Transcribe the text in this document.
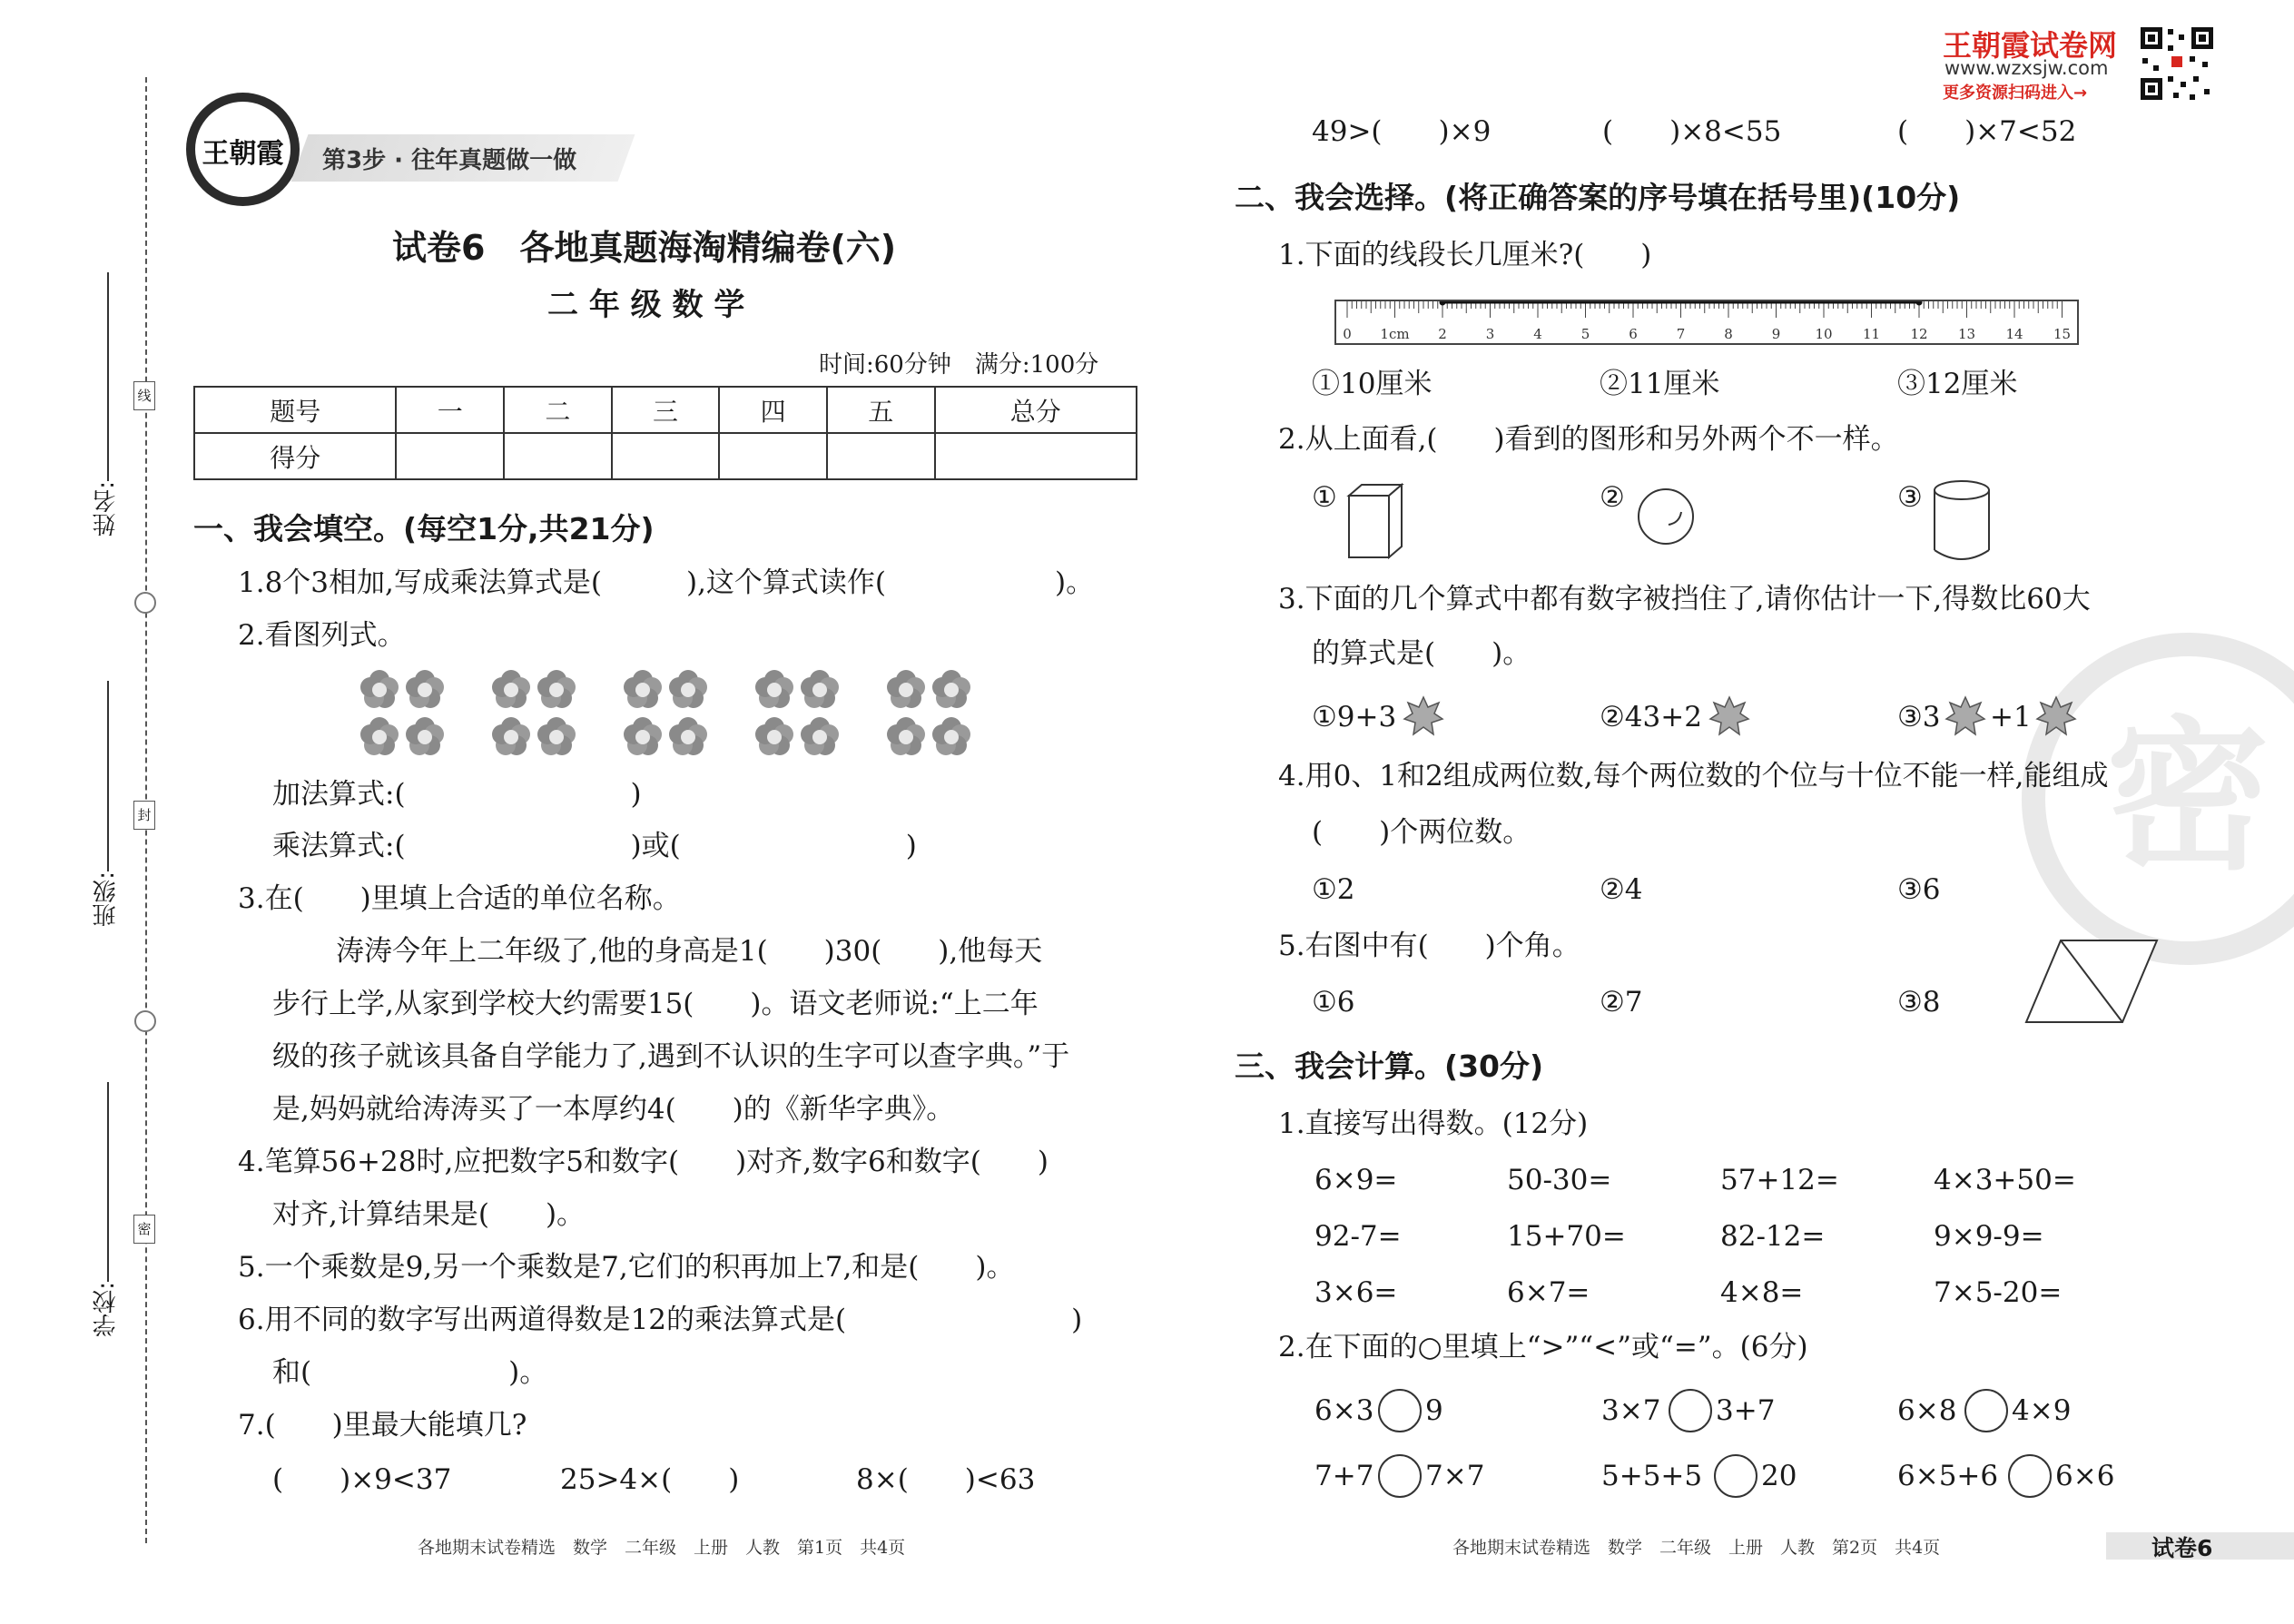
线
封
密
姓名:
班级:
学校:
王朝霞 第3步 · 往年真题做一做
试卷6　各地真题海淘精编卷(六)
二 年 级 数 学
时间:60分钟　满分:100分
题号	一	二	三	四	五	总分
得分						
一、我会填空。(每空1分,共21分)
1.8个3相加,写成乘法算式是(　　　),这个算式读作(　　　　　　)。
2.看图列式。
加法算式:(　　　　　　　　)
乘法算式:(　　　　　　　　)或(　　　　　　　　)
3.在(　　)里填上合适的单位名称。
涛涛今年上二年级了,他的身高是1(　　)30(　　),他每天
步行上学,从家到学校大约需要15(　　)。语文老师说:“上二年
级的孩子就该具备自学能力了,遇到不认识的生字可以查字典。”于
是,妈妈就给涛涛买了一本厚约4(　　)的《新华字典》。
4.笔算56+28时,应把数字5和数字(　　)对齐,数字6和数字(　　)
对齐,计算结果是(　　)。
5.一个乘数是9,另一个乘数是7,它们的积再加上7,和是(　　)。
6.用不同的数字写出两道得数是12的乘法算式是(　　　　　　　　)
和(　　　　　　　)。
7.(　　)里最大能填几?
(　　)×9<37	25>4×(　　)	8×(　　)<63
各地期末试卷精选　数学　二年级　上册　人教　第1页　共4页
王朝霞试卷网
www.wzxsjw.com
更多资源扫码进入→
密
49>(　　)×9	(　　)×8<55	(　　)×7<52
二、我会选择。(将正确答案的序号填在括号里)(10分)
1.下面的线段长几厘米?(　　)
0 1cm 2	3	4	5	6	7	8	9	10 11 12 13 14 15
①10厘米	②11厘米	③12厘米
2.从上面看,(　　)看到的图形和另外两个不一样。
①	②	③
3.下面的几个算式中都有数字被挡住了,请你估计一下,得数比60大
的算式是(　　)。
①9+3	②43+2	③3 +1
4.用0、1和2组成两位数,每个两位数的个位与十位不能一样,能组成
(　　)个两位数。
①2	②4	③6
5.右图中有(　　)个角。
①6	②7	③8
三、我会计算。(30分)
1.直接写出得数。(12分)
6×9=	50-30=	57+12=	4×3+50=
92-7=	15+70=	82-12=	9×9-9=
3×6=	6×7=	4×8=	7×5-20=
2.在下面的○里填上“>”“<”或“=”。(6分)
6×3 9	3×7 3+7	6×8 4×9
7+7 7×7	5+5+5 20	6×5+6 6×6
各地期末试卷精选　数学　二年级　上册　人教　第2页　共4页	试卷6
